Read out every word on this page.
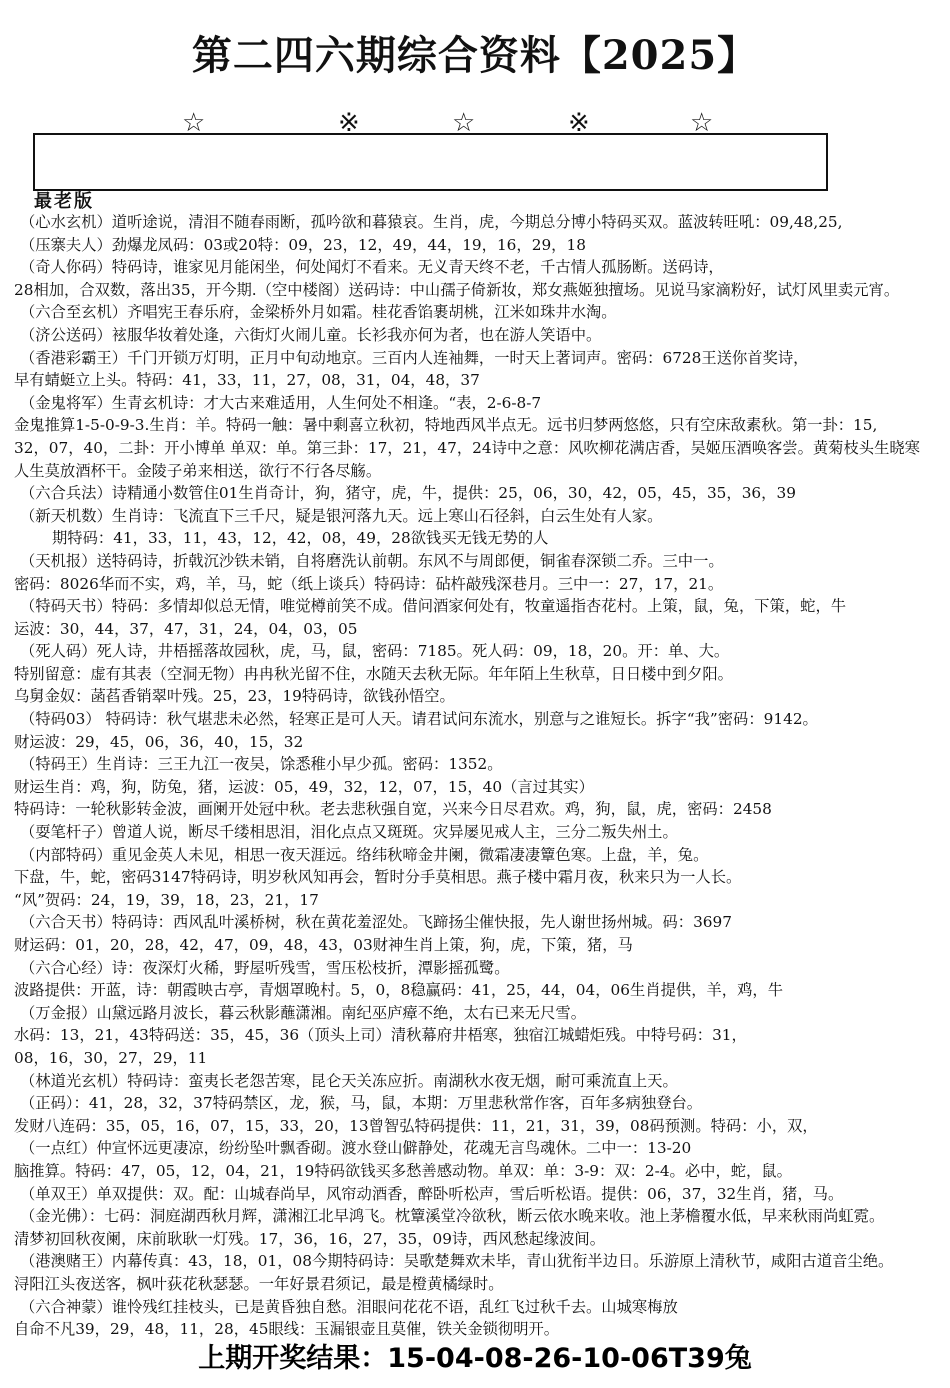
第二四六期综合资料【2025】
☆	※	☆	※	☆
最老版
（心水玄机）道听途说，清泪不随春雨断，孤吟欲和暮猿哀。生肖，虎，今期总分博小特码买双。蓝波转旺吼：09,48,25,
（压寨夫人）劲爆龙凤码：03或20特：09，23，12，49，44，19，16，29，18
（奇人你码）特码诗，谁家见月能闲坐，何处闻灯不看来。无义青天终不老，千古情人孤肠断。送码诗，
28相加，合双数，落出35，开今期.（空中楼阁）送码诗：中山孺子倚新妆，郑女燕姬独擅场。见说马家滴粉好，试灯风里卖元宵。
（六合至玄机）齐唱宪王春乐府，金梁桥外月如霜。桂花香馅裹胡桃，江米如珠井水淘。
（济公送码）袨服华妆着处逢，六街灯火闹儿童。长衫我亦何为者，也在游人笑语中。
（香港彩霸王）千门开锁万灯明，正月中旬动地京。三百内人连袖舞，一时天上著词声。密码：6728王送你首奖诗，
早有蜻蜓立上头。特码：41，33，11，27，08，31，04，48，37
（金鬼将军）生青玄机诗：才大古来难适用，人生何处不相逢。“表，2-6-8-7
金鬼推算1-5-0-9-3.生肖：羊。特码一触：暑中剩喜立秋初，特地西风半点无。远书归梦两悠悠，只有空床敌素秋。第一卦：15,
32，07，40，二卦：开小博单 单双：单。第三卦：17，21，47，24诗中之意：风吹柳花满店香，吴姬压酒唤客尝。黄菊枝头生晓寒
人生莫放酒杯干。金陵子弟来相送，欲行不行各尽觞。
（六合兵法）诗精通小数管住01生肖奇计，狗，猪守，虎，牛，提供：25，06，30，42，05，45，35，36，39
（新天机数）生肖诗：飞流直下三千尺，疑是银河落九天。远上寒山石径斜，白云生处有人家。
期特码：41，33，11，43，12，42，08，49，28欲钱买无钱无势的人
（天机报）送特码诗，折戟沉沙铁未销，自将磨洗认前朝。东风不与周郎便，铜雀春深锁二乔。三中一。
密码：8026华而不实，鸡，羊，马，蛇（纸上谈兵）特码诗：砧杵敲残深巷月。三中一：27，17，21。
（特码天书）特码：多情却似总无情，唯觉樽前笑不成。借问酒家何处有，牧童遥指杏花村。上策，鼠，兔，下策，蛇，牛
运波：30，44，37，47，31，24，04，03，05
（死人码）死人诗，井梧摇落故园秋，虎，马，鼠，密码：7185。死人码：09，18，20。开：单、大。
特别留意：虚有其表（空洞无物）冉冉秋光留不住，水随天去秋无际。年年陌上生秋草，日日楼中到夕阳。
乌舅金奴：菡萏香销翠叶残。25，23，19特码诗，欲钱孙悟空。
（特码03） 特码诗：秋气堪悲未必然，轻寒正是可人天。请君试问东流水，别意与之谁短长。拆字“我”密码：9142。
财运波：29，45，06，36，40，15，32
（特码王）生肖诗：三王九江一夜吴，馀悉稚小早少孤。密码：1352。
财运生肖：鸡，狗，防兔，猪，运波：05，49，32，12，07，15，40（言过其实）
特码诗：一轮秋影转金波，画阑开处冠中秋。老去悲秋强自宽，兴来今日尽君欢。鸡，狗，鼠，虎，密码：2458
（耍笔杆子）曾道人说，断尽千缕相思泪，泪化点点又斑斑。灾异屡见戒人主，三分二叛失州土。
（内部特码）重见金英人未见，相思一夜天涯远。络纬秋啼金井阑，微霜凄凄簟色寒。上盘，羊，兔。
下盘，牛，蛇，密码3147特码诗，明岁秋风知再会，暂时分手莫相思。燕子楼中霜月夜，秋来只为一人长。
“风”贺码：24，19，39，18，23，21，17
（六合天书）特码诗：西风乱叶溪桥树，秋在黄花羞涩处。飞蹄扬尘催快报，先人谢世扬州城。码：3697
财运码：01，20，28，42，47，09，48，43，03财神生肖上策，狗，虎，下策，猪，马
（六合心经）诗：夜深灯火稀，野屋听残雪，雪压松枝折，潭影摇孤鹭。
波路提供：开蓝，诗：朝霞映古亭，青烟罩晚村。5，0，8稳赢码：41，25，44，04，06生肖提供，羊，鸡，牛
（万金报）山黛远路月波长，暮云秋影蘸潇湘。南纪巫庐瘴不绝，太右已来无尺雪。
水码：13，21，43特码送：35，45，36（顶头上司）清秋幕府井梧寒，独宿江城蜡炬残。中特号码：31，
08，16，30，27，29，11
（林道光玄机）特码诗：蛮夷长老怨苦寒，昆仑天关冻应折。南湖秋水夜无烟，耐可乘流直上天。
（正码）：41，28，32，37特码禁区，龙，猴，马，鼠，本期：万里悲秋常作客，百年多病独登台。
发财八连码：35，05，16，07，15，33，20，13曾智弘特码提供：11，21，31，39，08码预测。特码：小，双，
（一点红）仲宣怀远更凄凉，纷纷坠叶飘香砌。渡水登山僻静处，花魂无言鸟魂休。二中一：13-20
脑推算。特码：47，05，12，04，21，19特码欲钱买多愁善感动物。单双：单：3-9：双：2-4。必中，蛇，鼠。
（单双王）单双提供：双。配：山城春尚早，风帘动酒香，醉卧听松声，雪后听松语。提供：06，37，32生肖，猪，马。
（金光佛）：七码：洞庭湖西秋月辉，潇湘江北早鸿飞。枕簟溪堂冷欲秋，断云依水晚来收。池上茅檐覆水低，早来秋雨尚虹霓。
清梦初回秋夜阑，床前耿耿一灯残。17，36，16，27，35，09诗，西风愁起缘波间。
（港澳赌王）内幕传真：43，18，01，08今期特码诗：吴歌楚舞欢未毕，青山犹衔半边日。乐游原上清秋节，咸阳古道音尘绝。
浔阳江头夜送客，枫叶荻花秋瑟瑟。一年好景君须记，最是橙黄橘绿时。
（六合神蒙）谁怜残红挂枝头，已是黄昏独自愁。泪眼问花花不语，乱红飞过秋千去。山城寒梅放
自命不凡39，29，48，11，28，45眼线：玉漏银壶且莫催，铁关金锁彻明开。
上期开奖结果：15-04-08-26-10-06T39兔
